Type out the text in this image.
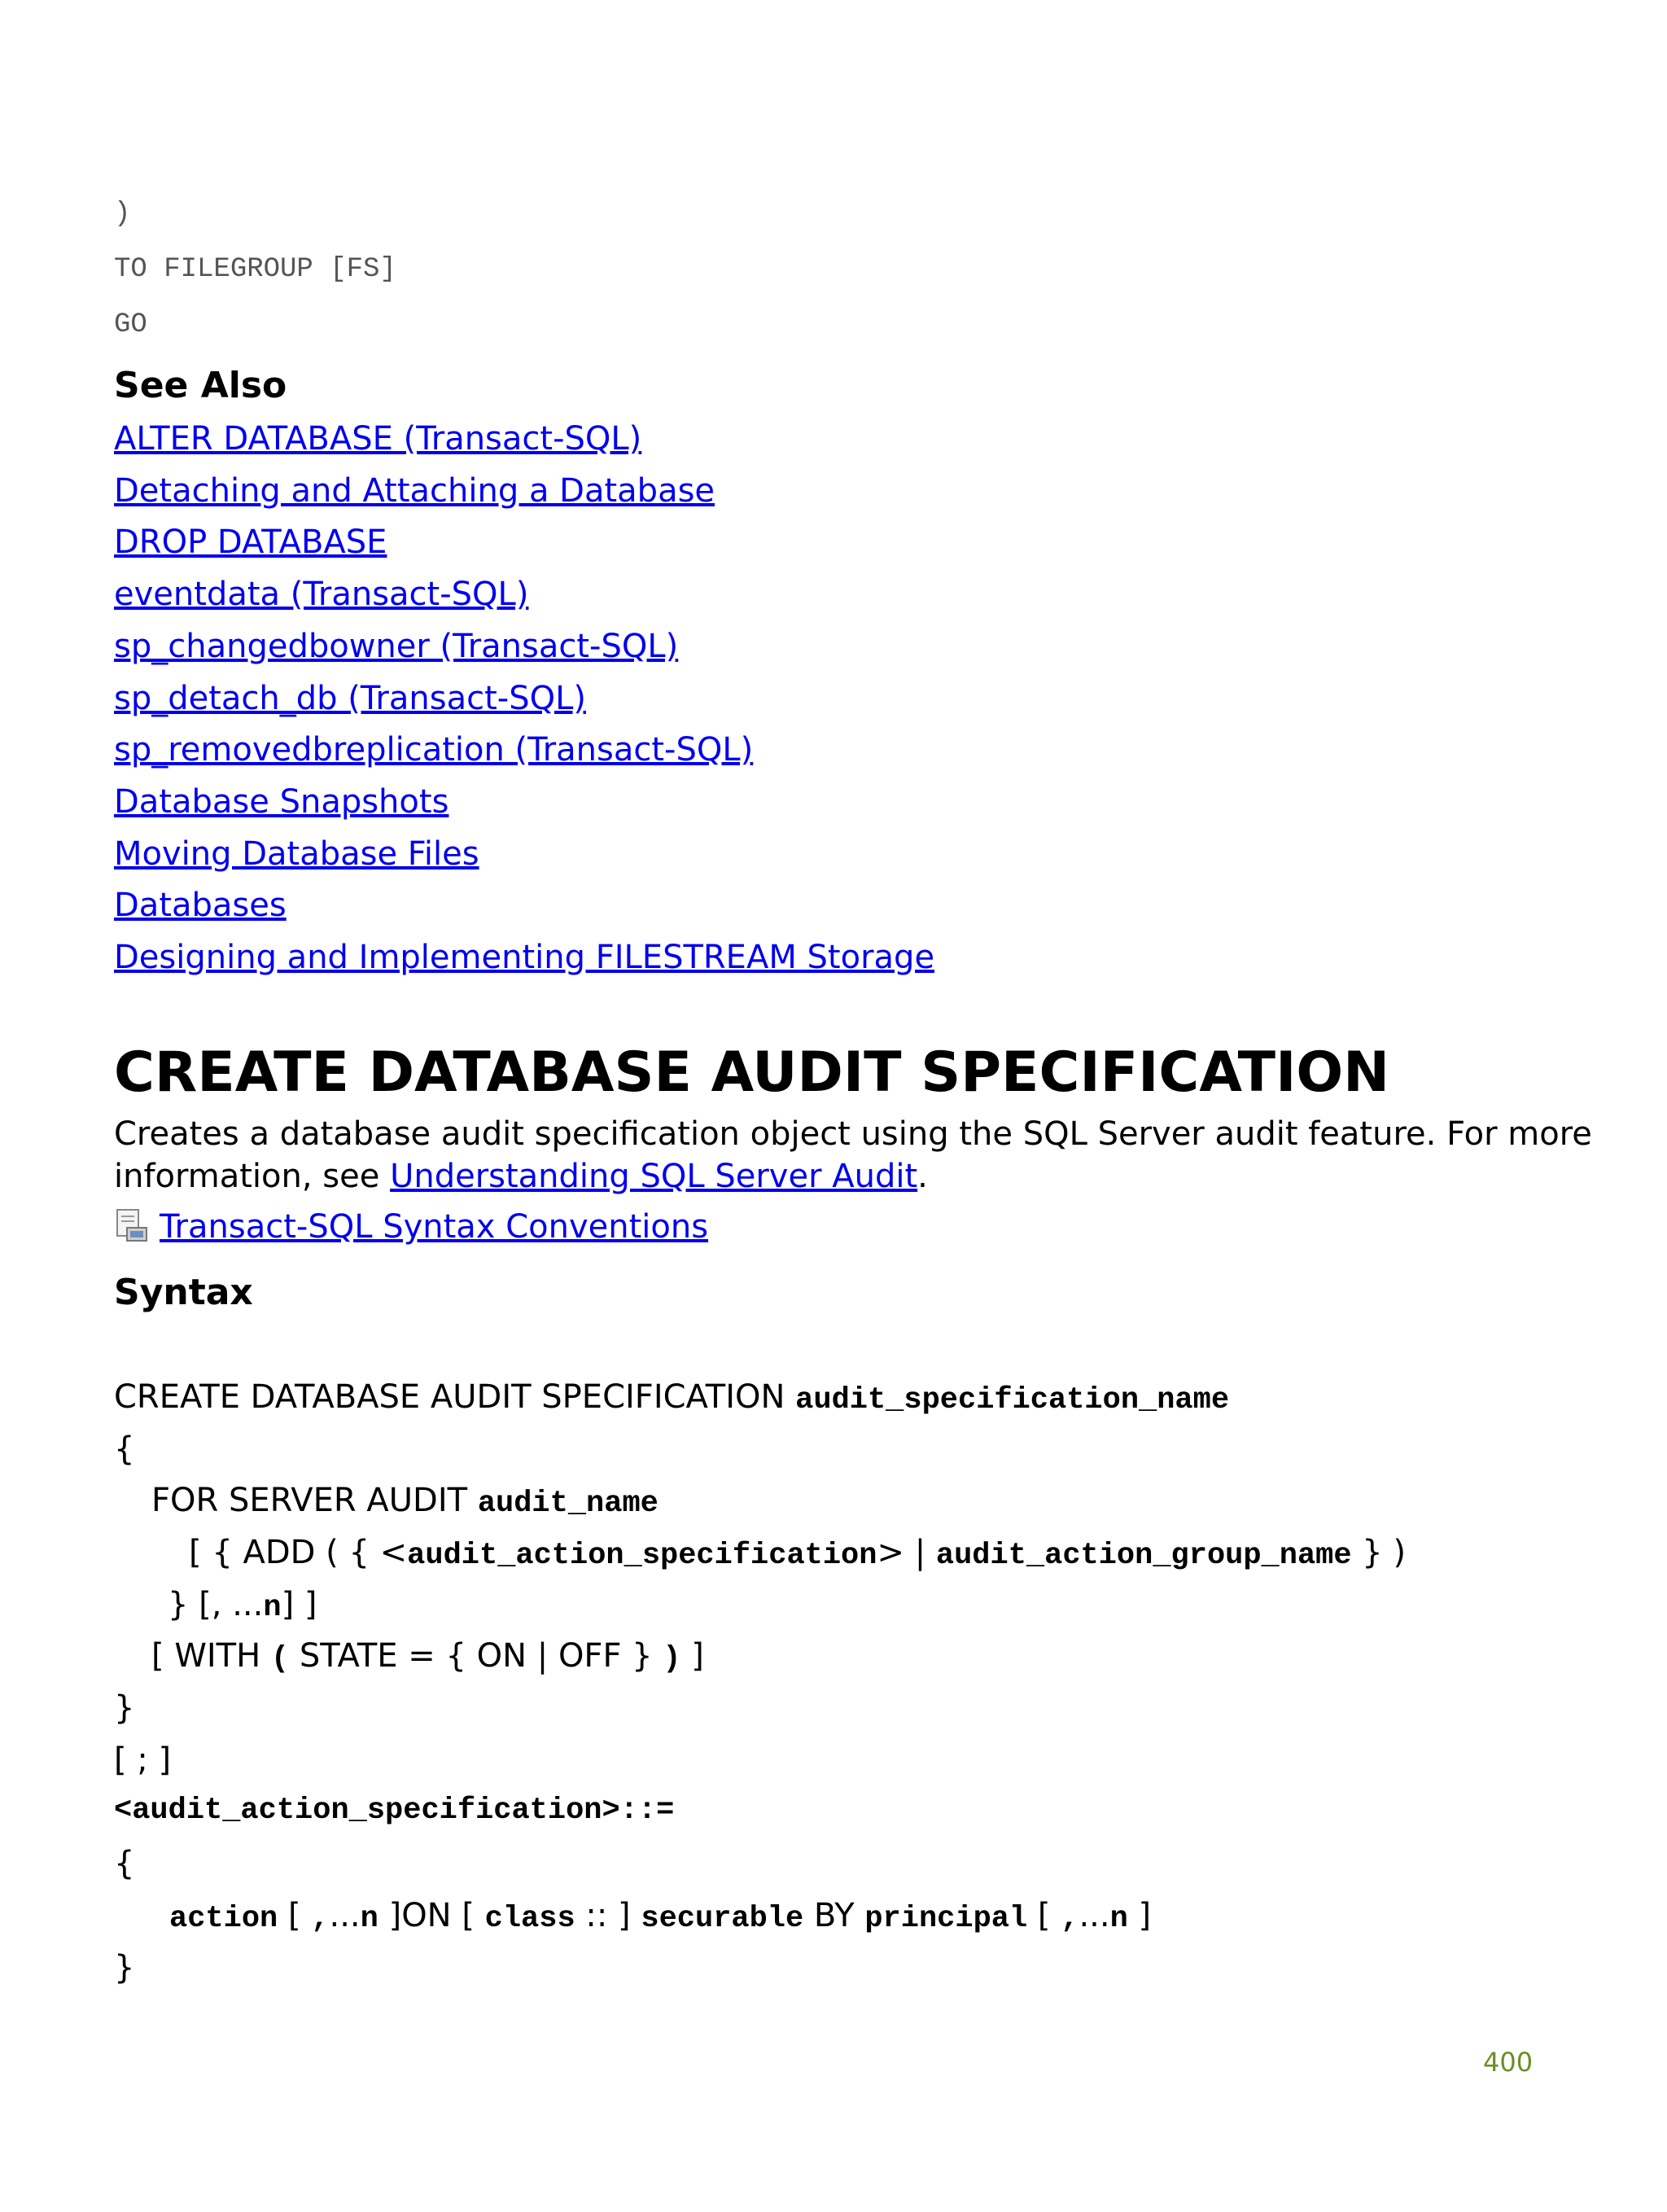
)
TO FILEGROUP [FS]
GO
See Also
ALTER DATABASE (Transact-SQL)
Detaching and Attaching a Database
DROP DATABASE
eventdata (Transact-SQL)
sp_changedbowner (Transact-SQL)
sp_detach_db (Transact-SQL)
sp_removedbreplication (Transact-SQL)
Database Snapshots
Moving Database Files
Databases
Designing and Implementing FILESTREAM Storage
CREATE DATABASE AUDIT SPECIFICATION
Creates a database audit specification object using the SQL Server audit feature. For more
information, see Understanding SQL Server Audit.
Transact-SQL Syntax Conventions
Syntax
CREATE DATABASE AUDIT SPECIFICATION audit_specification_name
{
FOR SERVER AUDIT audit_name
[ { ADD ( { <audit_action_specification> | audit_action_group_name } )
} [, ...n] ]
[ WITH ( STATE = { ON | OFF } ) ]
}
[ ; ]
<audit_action_specification>::=
{
action [ ,...n ]ON [ class :: ] securable BY principal [ ,...n ]
}
400
